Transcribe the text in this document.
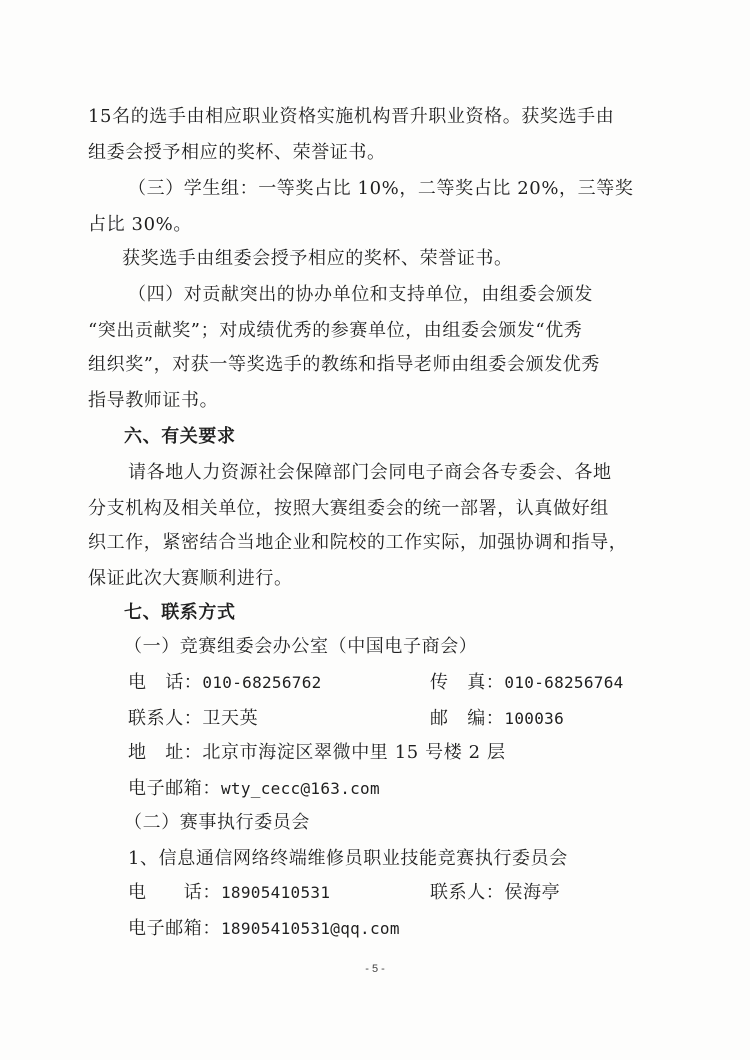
15名的选手由相应职业资格实施机构晋升职业资格。获奖选手由
组委会授予相应的奖杯、荣誉证书。
（三）学生组：一等奖占比 10%，二等奖占比 20%，三等奖
占比 30%。
获奖选手由组委会授予相应的奖杯、荣誉证书。
（四）对贡献突出的协办单位和支持单位，由组委会颁发
“突出贡献奖”；对成绩优秀的参赛单位，由组委会颁发“优秀
组织奖”，对获一等奖选手的教练和指导老师由组委会颁发优秀
指导教师证书。
六、有关要求
请各地人力资源社会保障部门会同电子商会各专委会、各地
分支机构及相关单位，按照大赛组委会的统一部署，认真做好组
织工作，紧密结合当地企业和院校的工作实际，加强协调和指导，
保证此次大赛顺利进行。
七、联系方式
（一）竞赛组委会办公室（中国电子商会）
电　话：010-68256762	传　真：010-68256764
联系人：卫天英	邮　编：100036
地　址：北京市海淀区翠微中里 15 号楼 2 层
电子邮箱：wty_cecc@163.com
（二）赛事执行委员会
1、信息通信网络终端维修员职业技能竞赛执行委员会
电　　话：18905410531	联系人：侯海亭
电子邮箱：18905410531@qq.com
- 5 -
